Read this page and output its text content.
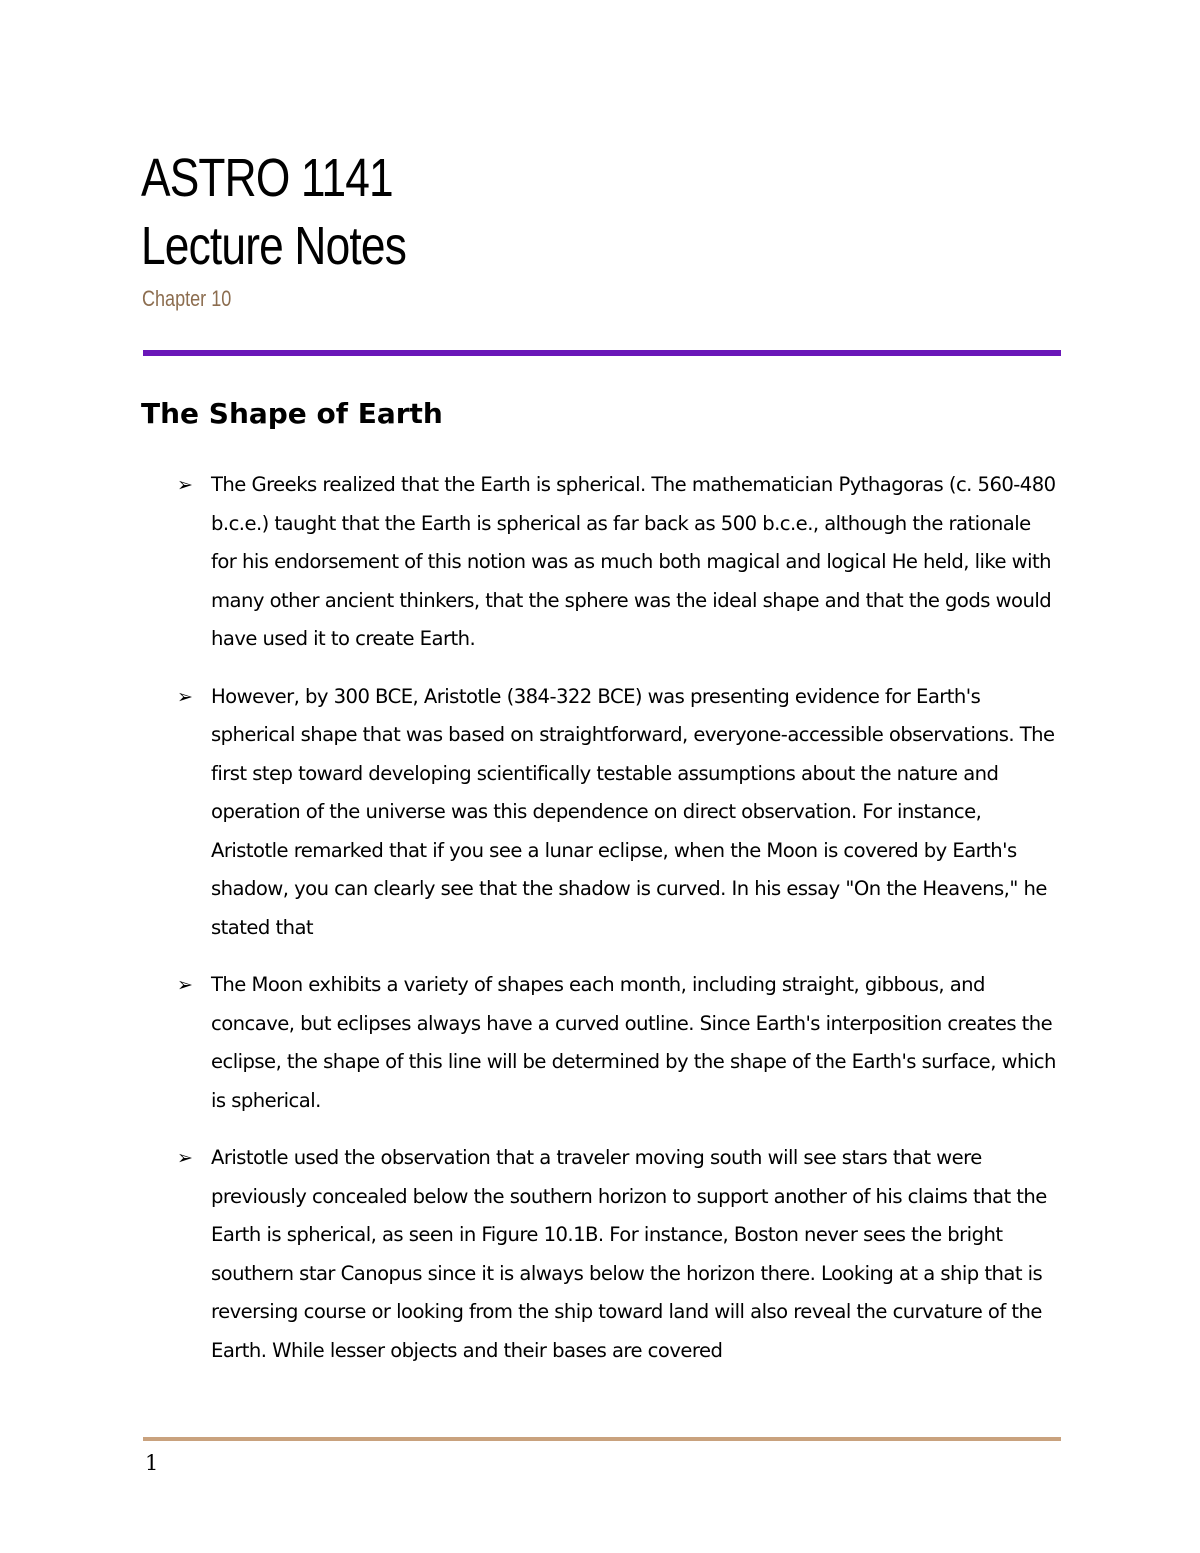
ASTRO 1141
Lecture Notes
Chapter 10
The Shape of Earth
➢ The Greeks realized that the Earth is spherical. The mathematician Pythagoras (c. 560-480 b.c.e.) taught that the Earth is spherical as far back as 500 b.c.e., although the rationale for his endorsement of this notion was as much both magical and logical He held, like with many other ancient thinkers, that the sphere was the ideal shape and that the gods would have used it to create Earth.
➢ However, by 300 BCE, Aristotle (384-322 BCE) was presenting evidence for Earth's spherical shape that was based on straightforward, everyone-accessible observations. The first step toward developing scientifically testable assumptions about the nature and operation of the universe was this dependence on direct observation. For instance, Aristotle remarked that if you see a lunar eclipse, when the Moon is covered by Earth's shadow, you can clearly see that the shadow is curved. In his essay "On the Heavens," he stated that
➢ The Moon exhibits a variety of shapes each month, including straight, gibbous, and concave, but eclipses always have a curved outline. Since Earth's interposition creates the eclipse, the shape of this line will be determined by the shape of the Earth's surface, which is spherical.
➢ Aristotle used the observation that a traveler moving south will see stars that were previously concealed below the southern horizon to support another of his claims that the Earth is spherical, as seen in Figure 10.1B. For instance, Boston never sees the bright southern star Canopus since it is always below the horizon there. Looking at a ship that is reversing course or looking from the ship toward land will also reveal the curvature of the Earth. While lesser objects and their bases are covered
1
